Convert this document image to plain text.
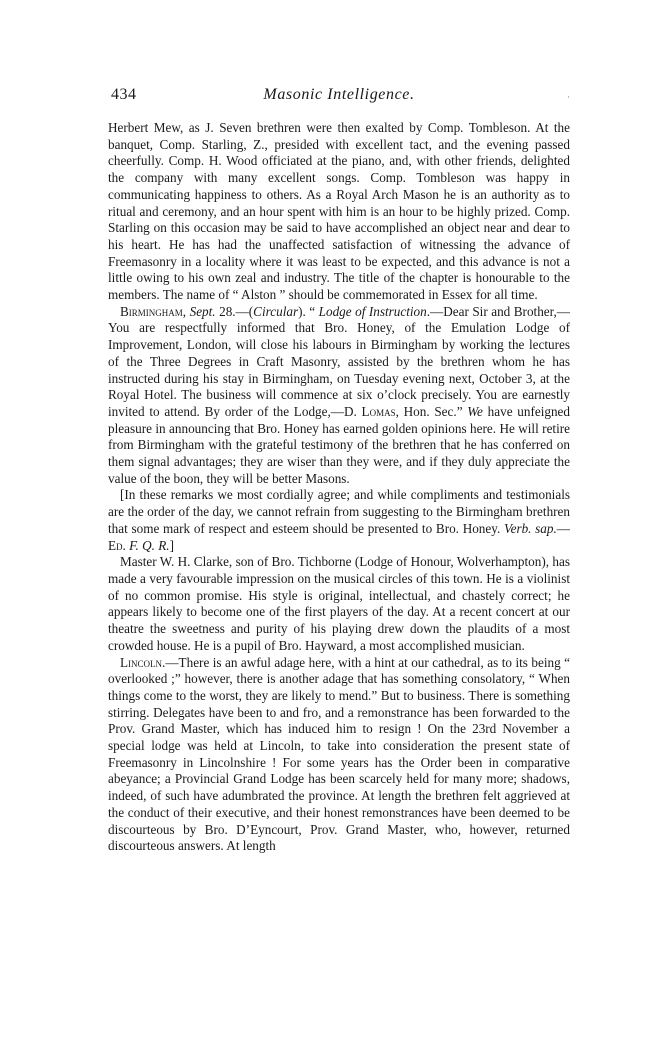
434	Masonic Intelligence.	·

Herbert Mew, as J. Seven brethren were then exalted by Comp. Tombleson. At the banquet, Comp. Starling, Z., presided with excellent tact, and the evening passed cheerfully. Comp. H. Wood officiated at the piano, and, with other friends, delighted the company with many excellent songs. Comp. Tombleson was happy in communicating happiness to others. As a Royal Arch Mason he is an authority as to ritual and ceremony, and an hour spent with him is an hour to be highly prized. Comp. Starling on this occasion may be said to have accomplished an object near and dear to his heart. He has had the unaffected satisfaction of witnessing the advance of Freemasonry in a locality where it was least to be expected, and this advance is not a little owing to his own zeal and industry. The title of the chapter is honourable to the members. The name of “ Alston ” should be commemorated in Essex for all time.

Birmingham, Sept. 28.—(Circular). “ Lodge of Instruction.—Dear Sir and Brother,—You are respectfully informed that Bro. Honey, of the Emulation Lodge of Improvement, London, will close his labours in Birmingham by working the lectures of the Three Degrees in Craft Masonry, assisted by the brethren whom he has instructed during his stay in Birmingham, on Tuesday evening next, October 3, at the Royal Hotel. The business will commence at six o’clock precisely. You are earnestly invited to attend. By order of the Lodge,—D. Lomas, Hon. Sec.” We have unfeigned pleasure in announcing that Bro. Honey has earned golden opinions here. He will retire from Birmingham with the grateful testimony of the brethren that he has conferred on them signal advantages; they are wiser than they were, and if they duly appreciate the value of the boon, they will be better Masons.

[In these remarks we most cordially agree; and while compliments and testimonials are the order of the day, we cannot refrain from suggesting to the Birmingham brethren that some mark of respect and esteem should be presented to Bro. Honey. Verb. sap.—Ed. F. Q. R.]

Master W. H. Clarke, son of Bro. Tichborne (Lodge of Honour, Wolverhampton), has made a very favourable impression on the musical circles of this town. He is a violinist of no common promise. His style is original, intellectual, and chastely correct; he appears likely to become one of the first players of the day. At a recent concert at our theatre the sweetness and purity of his playing drew down the plaudits of a most crowded house. He is a pupil of Bro. Hayward, a most accomplished musician.

Lincoln.—There is an awful adage here, with a hint at our cathedral, as to its being “ overlooked ;” however, there is another adage that has something consolatory, “ When things come to the worst, they are likely to mend.” But to business. There is something stirring. Delegates have been to and fro, and a remonstrance has been forwarded to the Prov. Grand Master, which has induced him to resign ! On the 23rd November a special lodge was held at Lincoln, to take into consideration the present state of Freemasonry in Lincolnshire ! For some years has the Order been in comparative abeyance; a Provincial Grand Lodge has been scarcely held for many more; shadows, indeed, of such have adumbrated the province. At length the brethren felt aggrieved at the conduct of their executive, and their honest remonstrances have been deemed to be discourteous by Bro. D’Eyncourt, Prov. Grand Master, who, however, returned discourteous answers. At length
